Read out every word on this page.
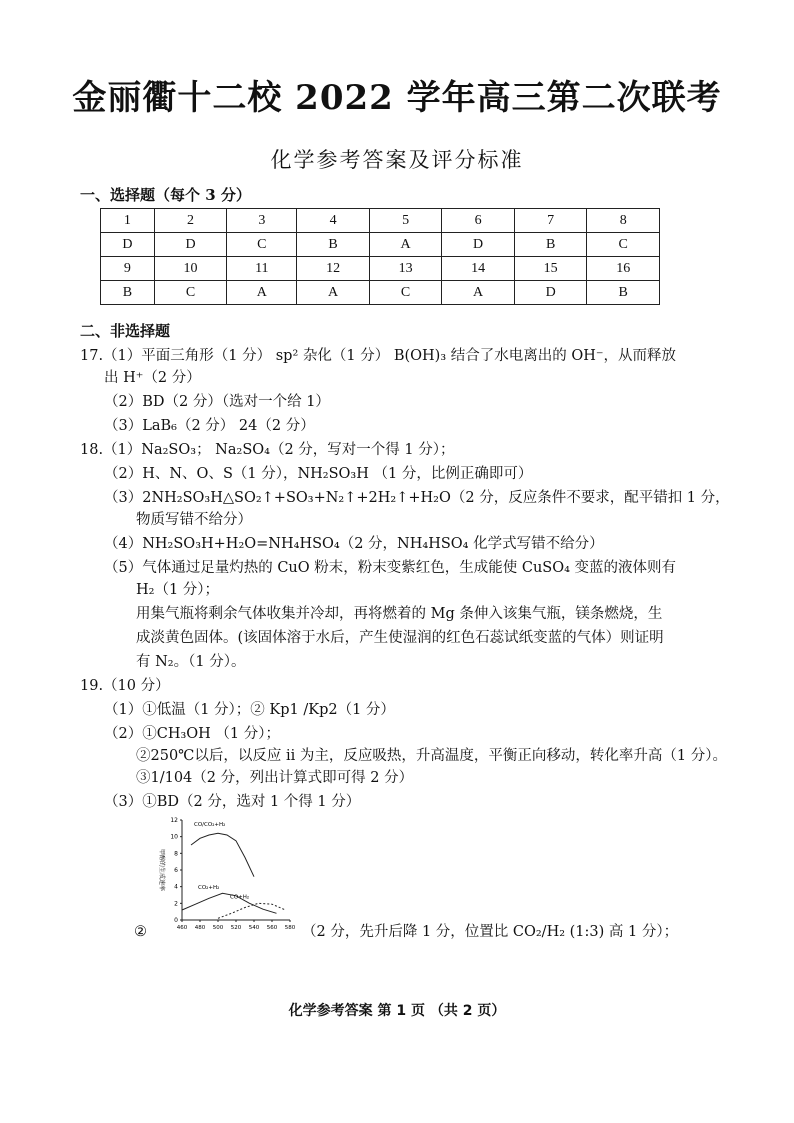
金丽衢十二校 2022 学年高三第二次联考
化学参考答案及评分标准
一、选择题（每个 3 分）
1	2	3	4	5	6	7	8
D	D	C	B	A	D	B	C
9	10	11	12	13	14	15	16
B	C	A	A	C	A	D	B
二、非选择题
17.（1）平面三角形（1 分） sp² 杂化（1 分） B(OH)₃ 结合了水电离出的 OH⁻，从而释放
出 H⁺（2 分）
（2）BD（2 分）（选对一个给 1）
（3）LaB₆（2 分） 24（2 分）
18.（1）Na₂SO₃； Na₂SO₄（2 分，写对一个得 1 分）；
（2）H、N、O、S（1 分），NH₂SO₃H （1 分，比例正确即可）
（3）2NH₂SO₃H△SO₂↑+SO₃+N₂↑+2H₂↑+H₂O（2 分，反应条件不要求，配平错扣 1 分，
物质写错不给分）
（4）NH₂SO₃H+H₂O=NH₄HSO₄（2 分，NH₄HSO₄ 化学式写错不给分）
（5）气体通过足量灼热的 CuO 粉末，粉末变紫红色，生成能使 CuSO₄ 变蓝的液体则有
H₂（1 分）；
用集气瓶将剩余气体收集并冷却，再将燃着的 Mg 条伸入该集气瓶，镁条燃烧，生
成淡黄色固体。(该固体溶于水后，产生使湿润的红色石蕊试纸变蓝的气体）则证明
有 N₂。（1 分）。
19.（10 分）
（1）①低温（1 分）；② Kp1 /Kp2（1 分）
（2）①CH₃OH （1 分）；
②250℃以后，以反应 ii 为主，反应吸热，升高温度，平衡正向移动，转化率升高（1 分）。
③1/104（2 分，列出计算式即可得 2 分）
（3）①BD（2 分，选对 1 个得 1 分）
0
2
4
6
8
10
12
460 480 500 520 540 560 580
甲醇的生成速率
CO/CO₂+H₂
CO₂+H₂
CO+H₂
②	（2 分，先升后降 1 分，位置比 CO₂/H₂ (1:3) 高 1 分）；
化学参考答案 第 1 页 （共 2 页）
